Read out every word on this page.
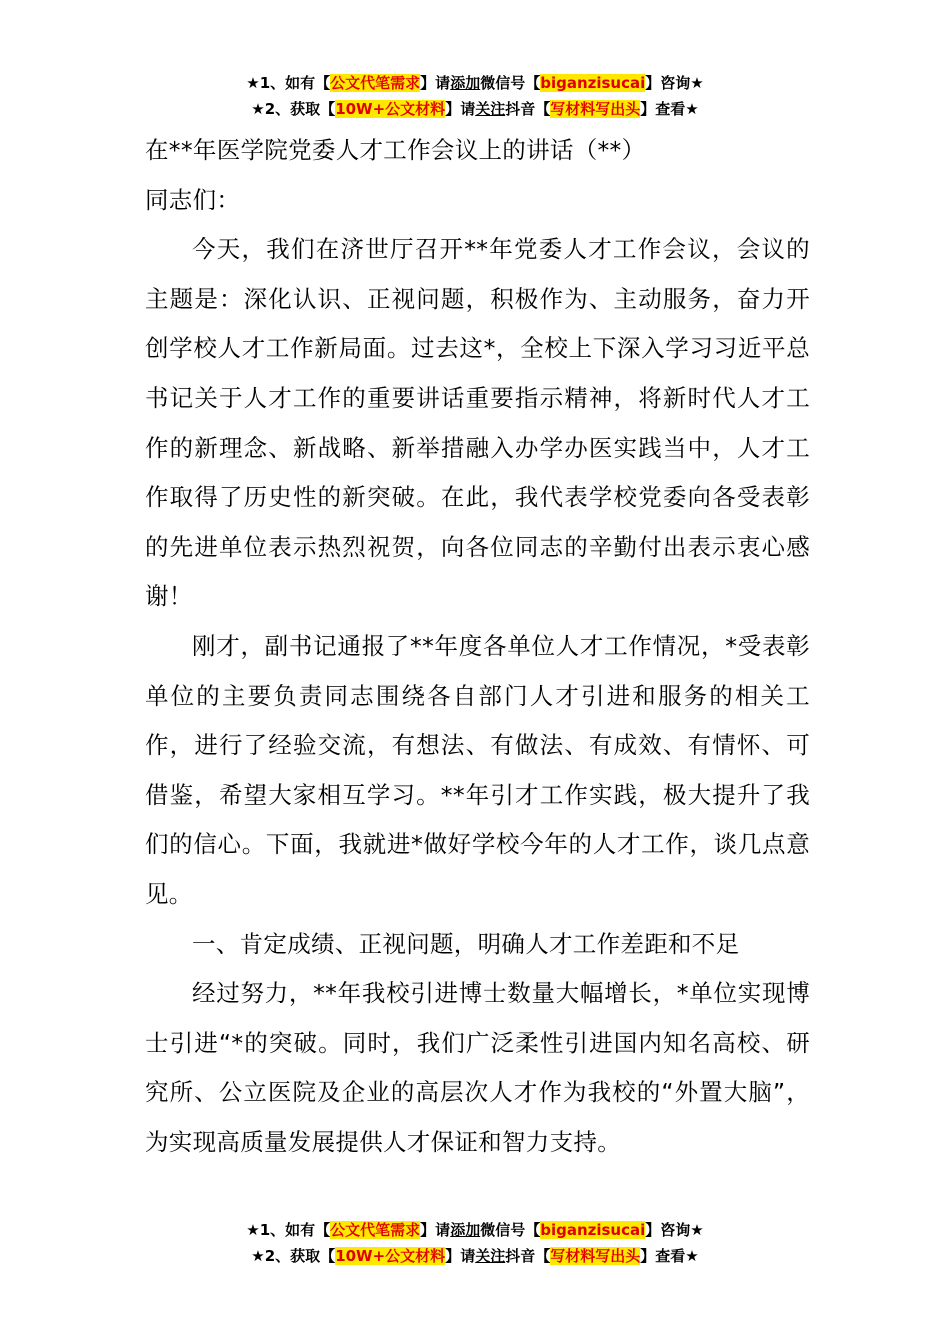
★1、如有【公文代笔需求】请添加微信号【biganzisucai】咨询★
★2、获取【10W+公文材料】请关注抖音【写材料写出头】查看★

在**年医学院党委人才工作会议上的讲话（**）

同志们：

今天，我们在济世厅召开**年党委人才工作会议，会议的主题是：深化认识、正视问题，积极作为、主动服务，奋力开创学校人才工作新局面。过去这*，全校上下深入学习习近平总书记关于人才工作的重要讲话重要指示精神，将新时代人才工作的新理念、新战略、新举措融入办学办医实践当中，人才工作取得了历史性的新突破。在此，我代表学校党委向各受表彰的先进单位表示热烈祝贺，向各位同志的辛勤付出表示衷心感谢！

刚才，副书记通报了**年度各单位人才工作情况，*受表彰单位的主要负责同志围绕各自部门人才引进和服务的相关工作，进行了经验交流，有想法、有做法、有成效、有情怀、可借鉴，希望大家相互学习。**年引才工作实践，极大提升了我们的信心。下面，我就进*做好学校今年的人才工作，谈几点意见。

一、肯定成绩、正视问题，明确人才工作差距和不足

经过努力，**年我校引进博士数量大幅增长，*单位实现博士引进“*的突破。同时，我们广泛柔性引进国内知名高校、研究所、公立医院及企业的高层次人才作为我校的“外置大脑”，为实现高质量发展提供人才保证和智力支持。

★1、如有【公文代笔需求】请添加微信号【biganzisucai】咨询★
★2、获取【10W+公文材料】请关注抖音【写材料写出头】查看★
